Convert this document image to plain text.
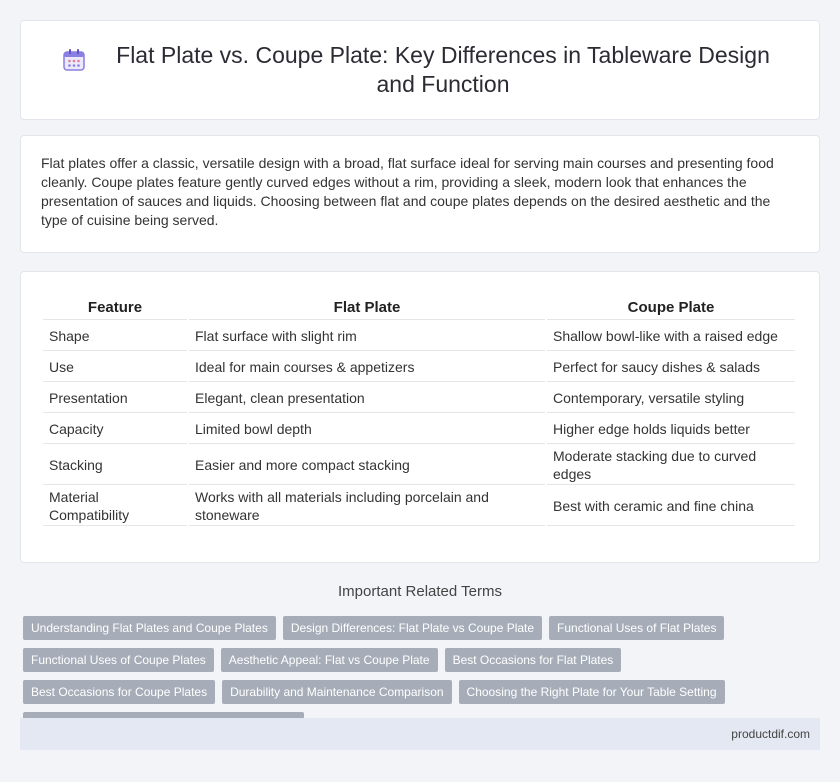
Flat Plate vs. Coupe Plate: Key Differences in Tableware Design and Function

Flat plates offer a classic, versatile design with a broad, flat surface ideal for serving main courses and presenting food cleanly. Coupe plates feature gently curved edges without a rim, providing a sleek, modern look that enhances the presentation of sauces and liquids. Choosing between flat and coupe plates depends on the desired aesthetic and the type of cuisine being served.

Feature	Flat Plate	Coupe Plate
Shape	Flat surface with slight rim	Shallow bowl-like with a raised edge
Use	Ideal for main courses & appetizers	Perfect for saucy dishes & salads
Presentation	Elegant, clean presentation	Contemporary, versatile styling
Capacity	Limited bowl depth	Higher edge holds liquids better
Stacking	Easier and more compact stacking	Moderate stacking due to curved edges
Material Compatibility	Works with all materials including porcelain and stoneware	Best with ceramic and fine china
Important Related Terms
Understanding Flat Plates and Coupe Plates	Design Differences: Flat Plate vs Coupe Plate	Functional Uses of Flat Plates
Functional Uses of Coupe Plates	Aesthetic Appeal: Flat vs Coupe Plate	Best Occasions for Flat Plates
Best Occasions for Coupe Plates	Durability and Maintenance Comparison	Choosing the Right Plate for Your Table Setting
productdif.com
